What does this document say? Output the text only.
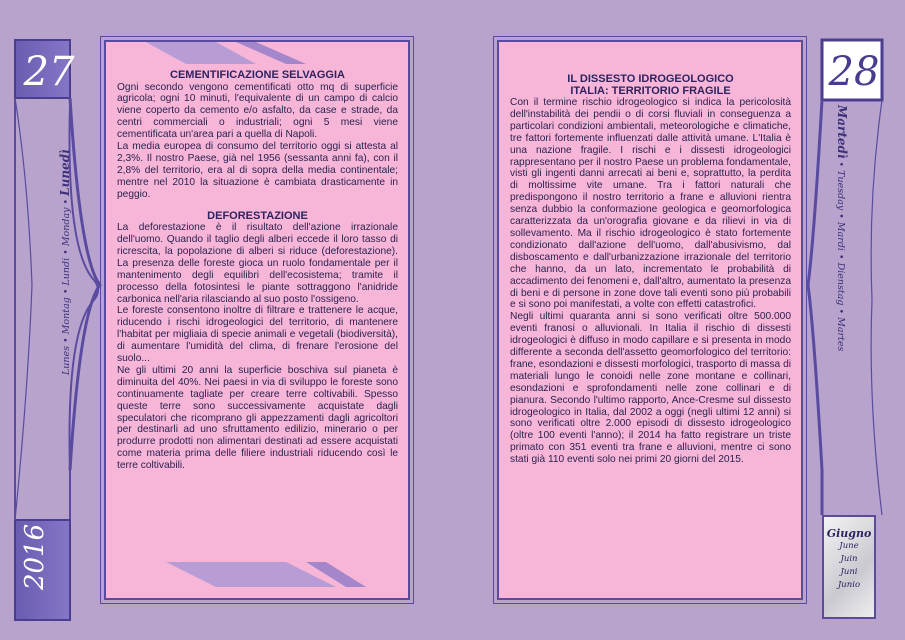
27
Lunes • Montag • Lundi • Monday • Lunedì
2016
28
Martedì • Tuesday • Mardi • Dienstag • Martes
Giugno
June
Juin
Juni
Junio

CEMENTIFICAZIONE SELVAGGIA

Ogni secondo vengono cementificati otto mq di superficie agricola; ogni 10 minuti, l'equivalente di un campo di calcio viene coperto da cemento e/o asfalto, da case e strade, da centri commerciali o industriali; ogni 5 mesi viene cementificata un'area pari a quella di Napoli.

La media europea di consumo del territorio oggi si attesta al 2,3%. Il nostro Paese, già nel 1956 (sessanta anni fa), con il 2,8% del territorio, era al di sopra della media continentale; mentre nel 2010 la situazione è cambiata drasticamente in peggio.

DEFORESTAZIONE

La deforestazione è il risultato dell'azione irrazionale dell'uomo. Quando il taglio degli alberi eccede il loro tasso di ricrescita, la popolazione di alberi si riduce (deforestazione). La presenza delle foreste gioca un ruolo fondamentale per il mantenimento degli equilibri dell'ecosistema; tramite il processo della fotosintesi le piante sottraggono l'anidride carbonica nell'aria rilasciando al suo posto l'ossigeno.

Le foreste consentono inoltre di filtrare e trattenere le acque, riducendo i rischi idrogeologici del territorio, di mantenere l'habitat per migliaia di specie animali e vegetali (biodiversità), di aumentare l'umidità del clima, di frenare l'erosione del suolo...

Ne gli ultimi 20 anni la superficie boschiva sul pianeta è diminuita del 40%. Nei paesi in via di sviluppo le foreste sono continuamente tagliate per creare terre coltivabili. Spesso queste terre sono successivamente acquistate dagli speculatori che ricomprano gli appezzamenti dagli agricoltori per destinarli ad uno sfruttamento edilizio, minerario o per produrre prodotti non alimentari destinati ad essere acquistati come materia prima delle filiere industriali riducendo così le terre coltivabili.

IL DISSESTO IDROGEOLOGICO

ITALIA: TERRITORIO FRAGILE

Con il termine rischio idrogeologico si indica la pericolosità dell'instabilità dei pendii o di corsi fluviali in conseguenza a particolari condizioni ambientali, meteorologiche e climatiche, tre fattori fortemente influenzati dalle attività umane. L'Italia è una nazione fragile. I rischi e i dissesti idrogeologici rappresentano per il nostro Paese un problema fondamentale, visti gli ingenti danni arrecati ai beni e, soprattutto, la perdita di moltissime vite umane. Tra i fattori naturali che predispongono il nostro territorio a frane e alluvioni rientra senza dubbio la conformazione geologica e geomorfologica caratterizzata da un'orografia giovane e da rilievi in via di sollevamento. Ma il rischio idrogeologico è stato fortemente condizionato dall'azione dell'uomo, dall'abusivismo, dal disboscamento e dall'urbanizzazione irrazionale del territorio che hanno, da un lato, incrementato le probabilità di accadimento dei fenomeni e, dall'altro, aumentato la presenza di beni e di persone in zone dove tali eventi sono più probabili e si sono poi manifestati, a volte con effetti catastrofici.

Negli ultimi quaranta anni si sono verificati oltre 500.000 eventi franosi o alluvionali. In Italia il rischio di dissesti idrogeologici è diffuso in modo capillare e si presenta in modo differente a seconda dell'assetto geomorfologico del territorio: frane, esondazioni e dissesti morfologici, trasporto di massa di materiali lungo le conoidi nelle zone montane e collinari, esondazioni e sprofondamenti nelle zone collinari e di pianura. Secondo l'ultimo rapporto, Ance-Cresme sul dissesto idrogeologico in Italia, dal 2002 a oggi (negli ultimi 12 anni) si sono verificati oltre 2.000 episodi di dissesto idrogeologico (oltre 100 eventi l'anno); il 2014 ha fatto registrare un triste primato con 351 eventi tra frane e alluvioni, mentre ci sono stati già 110 eventi solo nei primi 20 giorni del 2015.
